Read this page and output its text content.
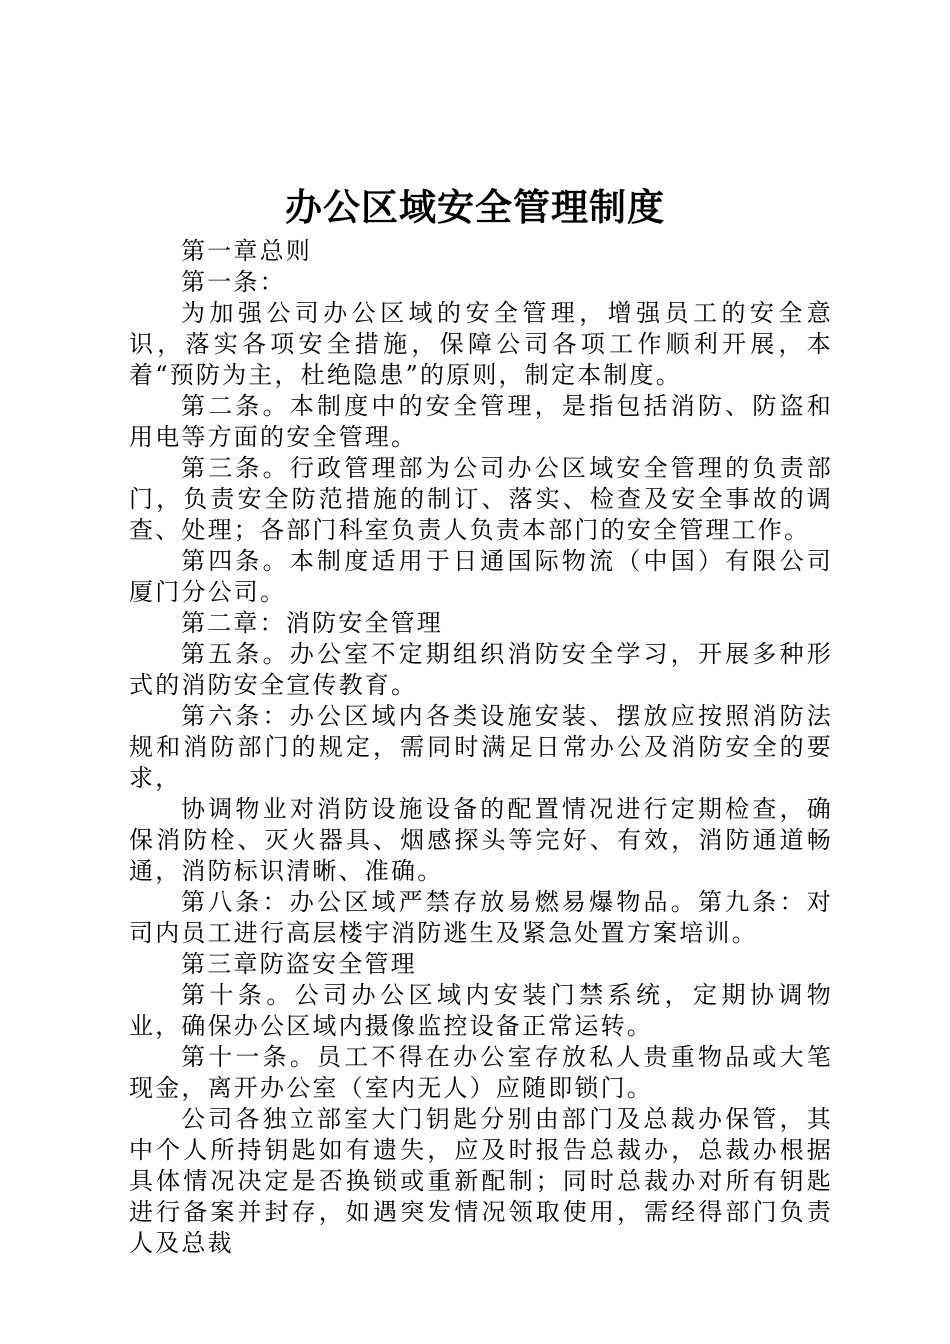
办公区域安全管理制度

第一章总则

第一条：

为加强公司办公区域的安全管理，增强员工的安全意识，落实各项安全措施，保障公司各项工作顺利开展，本着“预防为主，杜绝隐患”的原则，制定本制度。

第二条。本制度中的安全管理，是指包括消防、防盗和用电等方面的安全管理。

第三条。行政管理部为公司办公区域安全管理的负责部门，负责安全防范措施的制订、落实、检查及安全事故的调查、处理；各部门科室负责人负责本部门的安全管理工作。

第四条。本制度适用于日通国际物流（中国）有限公司厦门分公司。

第二章：消防安全管理

第五条。办公室不定期组织消防安全学习，开展多种形式的消防安全宣传教育。

第六条：办公区域内各类设施安装、摆放应按照消防法规和消防部门的规定，需同时满足日常办公及消防安全的要求，

协调物业对消防设施设备的配置情况进行定期检查，确保消防栓、灭火器具、烟感探头等完好、有效，消防通道畅通，消防标识清晰、准确。

第八条：办公区域严禁存放易燃易爆物品。第九条：对司内员工进行高层楼宇消防逃生及紧急处置方案培训。

第三章防盗安全管理

第十条。公司办公区域内安装门禁系统，定期协调物业，确保办公区域内摄像监控设备正常运转。

第十一条。员工不得在办公室存放私人贵重物品或大笔现金，离开办公室（室内无人）应随即锁门。

公司各独立部室大门钥匙分别由部门及总裁办保管，其中个人所持钥匙如有遗失，应及时报告总裁办，总裁办根据具体情况决定是否换锁或重新配制；同时总裁办对所有钥匙进行备案并封存，如遇突发情况领取使用，需经得部门负责人及总裁
